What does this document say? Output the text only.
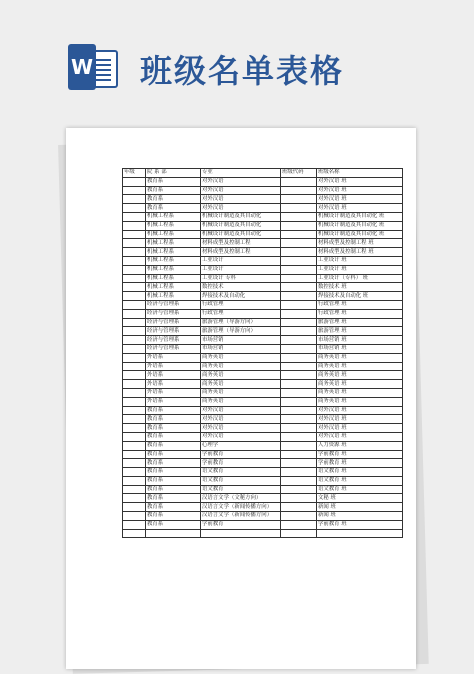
W 班级名单表格
年级	院 系 部	专业	班级代码	班级名称
	教育系	对外汉语		对外汉语 班
	教育系	对外汉语		对外汉语 班
	教育系	对外汉语		对外汉语 班
	教育系	对外汉语		对外汉语 班
	机械工程系	机械设计制造及其自动化		机械设计制造及其自动化 班
	机械工程系	机械设计制造及其自动化		机械设计制造及其自动化 班
	机械工程系	机械设计制造及其自动化		机械设计制造及其自动化 班
	机械工程系	材料成型及控制工程		材料成型及控制工程 班
	机械工程系	材料成型及控制工程		材料成型及控制工程 班
	机械工程系	工业设计		工业设计 班
	机械工程系	工业设计		工业设计 班
	机械工程系	工业设计 专科		工业设计（专科） 班
	机械工程系	数控技术		数控技术 班
	机械工程系	焊接技术及自动化		焊接技术及自动化 班
	经济与管理系	行政管理		行政管理 班
	经济与管理系	行政管理		行政管理 班
	经济与管理系	旅游管理（导游方向）		旅游管理 班
	经济与管理系	旅游管理（导游方向）		旅游管理 班
	经济与管理系	市场营销		市场营销 班
	经济与管理系	市场营销		市场营销 班
	外语系	商务英语		商务英语 班
	外语系	商务英语		商务英语 班
	外语系	商务英语		商务英语 班
	外语系	商务英语		商务英语 班
	外语系	商务英语		商务英语 班
	外语系	商务英语		商务英语 班
	教育系	对外汉语		对外汉语 班
	教育系	对外汉语		对外汉语 班
	教育系	对外汉语		对外汉语 班
	教育系	对外汉语		对外汉语 班
	教育系	心理学		人力资源 班
	教育系	学前教育		学前教育 班
	教育系	学前教育		学前教育 班
	教育系	语文教育		语文教育 班
	教育系	语文教育		语文教育 班
	教育系	语文教育		语文教育 班
	教育系	汉语言文学（文秘方向）		文秘 班
	教育系	汉语言文学（新闻传播方向）		新闻 班
	教育系	汉语言文学（新闻传播方向）		新闻 班
	教育系	学前教育		学前教育 班
